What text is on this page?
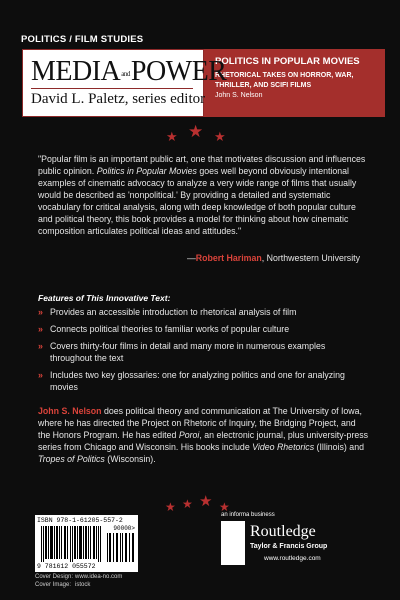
POLITICS / FILM STUDIES
MEDIAandPOWER
David L. Paletz, series editor
POLITICS IN POPULAR MOVIES
RHETORICAL TAKES ON HORROR, WAR, THRILLER, AND SCIFI FILMS
John S. Nelson
★ ★ ★
"Popular film is an important public art, one that motivates discussion and influences public opinion. Politics in Popular Movies goes well beyond obviously intentional examples of cinematic advocacy to analyze a very wide range of films that usually would be described as 'nonpolitical.' By providing a detailed and systematic vocabulary for critical analysis, along with deep knowledge of both popular culture and political theory, this book provides a model for thinking about how cinematic composition articulates political ideas and attitudes."
—Robert Hariman, Northwestern University
Features of This Innovative Text:
» Provides an accessible introduction to rhetorical analysis of film
» Connects political theories to familiar works of popular culture
» Covers thirty-four films in detail and many more in numerous examples throughout the text
» Includes two key glossaries: one for analyzing politics and one for analyzing movies
John S. Nelson does political theory and communication at The University of Iowa, where he has directed the Project on Rhetoric of Inquiry, the Bridging Project, and the Honors Program. He has edited Poroi, an electronic journal, plus university-press series from Chicago and Wisconsin. His books include Video Rhetorics (Illinois) and Tropes of Politics (Wisconsin).
★ ★ ★ ★
ISBN 978-1-61205-557-2
90000>
9 781612 055572
an informa business
Routledge
Taylor & Francis Group
www.routledge.com
Cover Design: www.idea-no.com
Cover Image: istock
